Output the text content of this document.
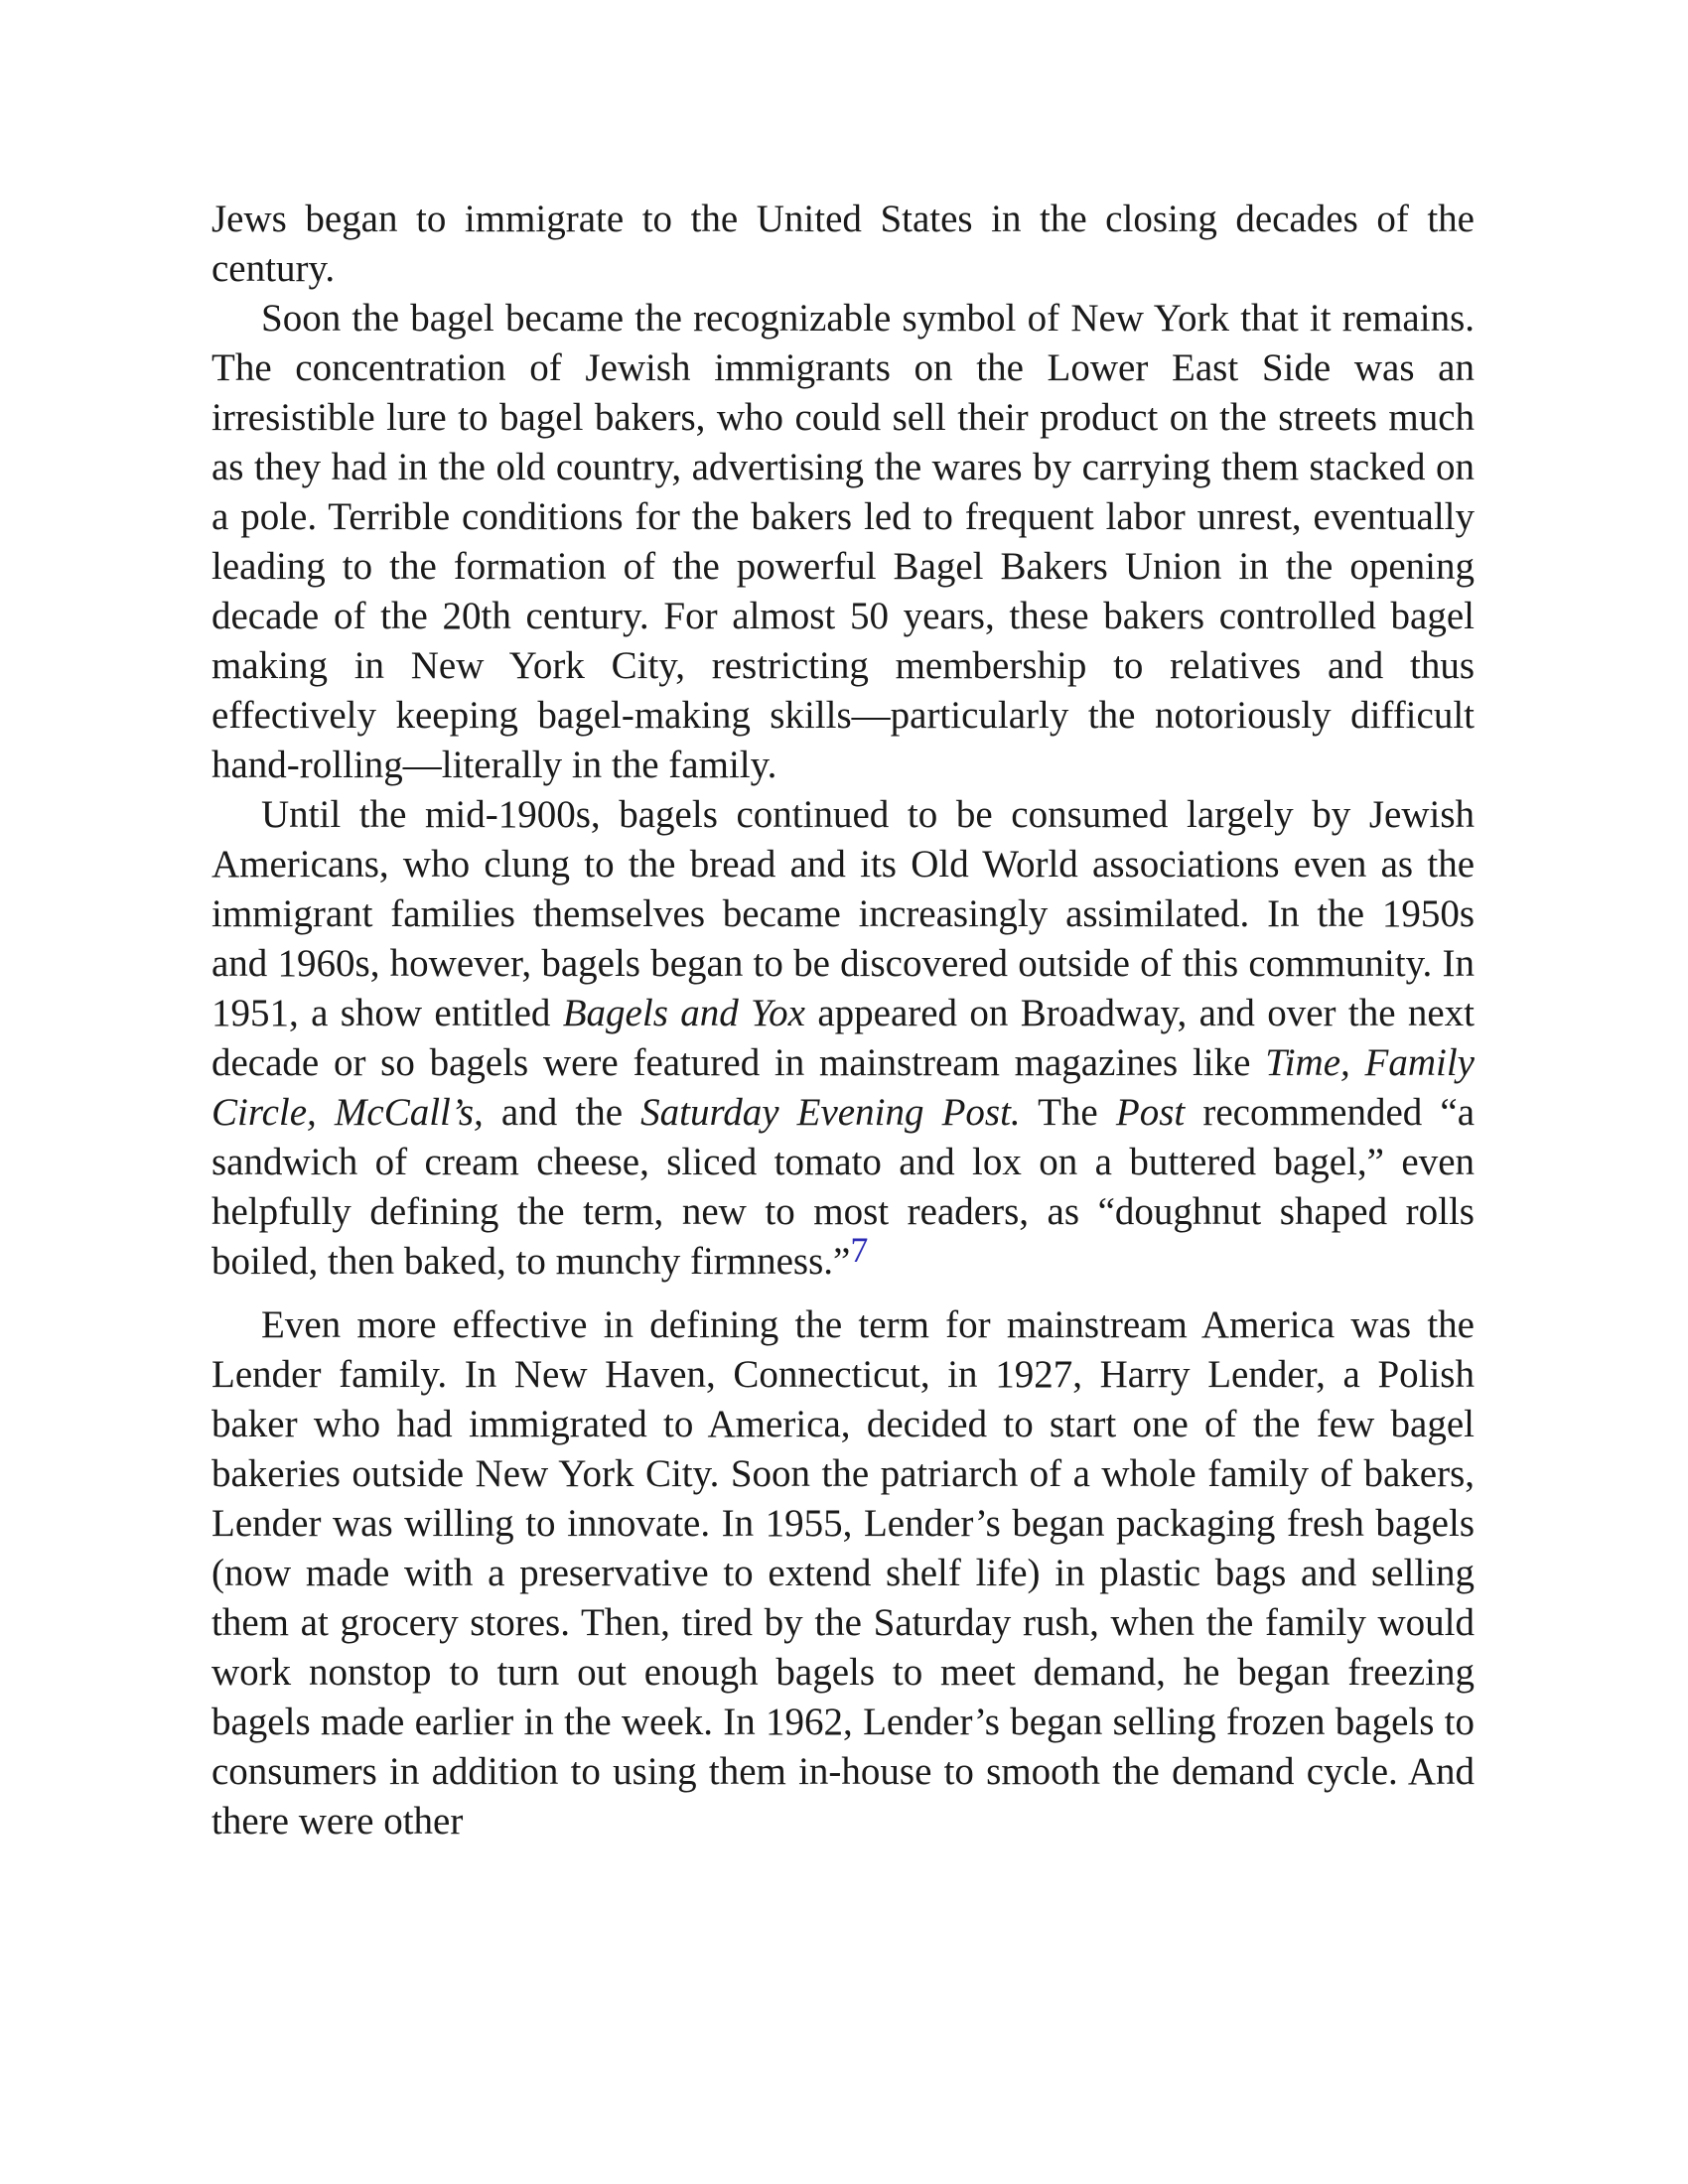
Jews began to immigrate to the United States in the closing decades of the century.

Soon the bagel became the recognizable symbol of New York that it remains. The concentration of Jewish immigrants on the Lower East Side was an irresistible lure to bagel bakers, who could sell their product on the streets much as they had in the old country, advertising the wares by carrying them stacked on a pole. Terrible conditions for the bakers led to frequent labor unrest, eventually leading to the formation of the powerful Bagel Bakers Union in the opening decade of the 20th century. For almost 50 years, these bakers controlled bagel making in New York City, restricting membership to relatives and thus effectively keeping bagel-making skills—particularly the notoriously difficult hand-rolling—literally in the family.

Until the mid-1900s, bagels continued to be consumed largely by Jewish Americans, who clung to the bread and its Old World associations even as the immigrant families themselves became increasingly assimilated. In the 1950s and 1960s, however, bagels began to be discovered outside of this community. In 1951, a show entitled Bagels and Yox appeared on Broadway, and over the next decade or so bagels were featured in mainstream magazines like Time, Family Circle, McCall’s, and the Saturday Evening Post. The Post recommended “a sandwich of cream cheese, sliced tomato and lox on a buttered bagel,” even helpfully defining the term, new to most readers, as “doughnut shaped rolls boiled, then baked, to munchy firmness.”$^7$

Even more effective in defining the term for mainstream America was the Lender family. In New Haven, Connecticut, in 1927, Harry Lender, a Polish baker who had immigrated to America, decided to start one of the few bagel bakeries outside New York City. Soon the patriarch of a whole family of bakers, Lender was willing to innovate. In 1955, Lender’s began packaging fresh bagels (now made with a preservative to extend shelf life) in plastic bags and selling them at grocery stores. Then, tired by the Saturday rush, when the family would work nonstop to turn out enough bagels to meet demand, he began freezing bagels made earlier in the week. In 1962, Lender’s began selling frozen bagels to consumers in addition to using them in-house to smooth the demand cycle. And there were other
